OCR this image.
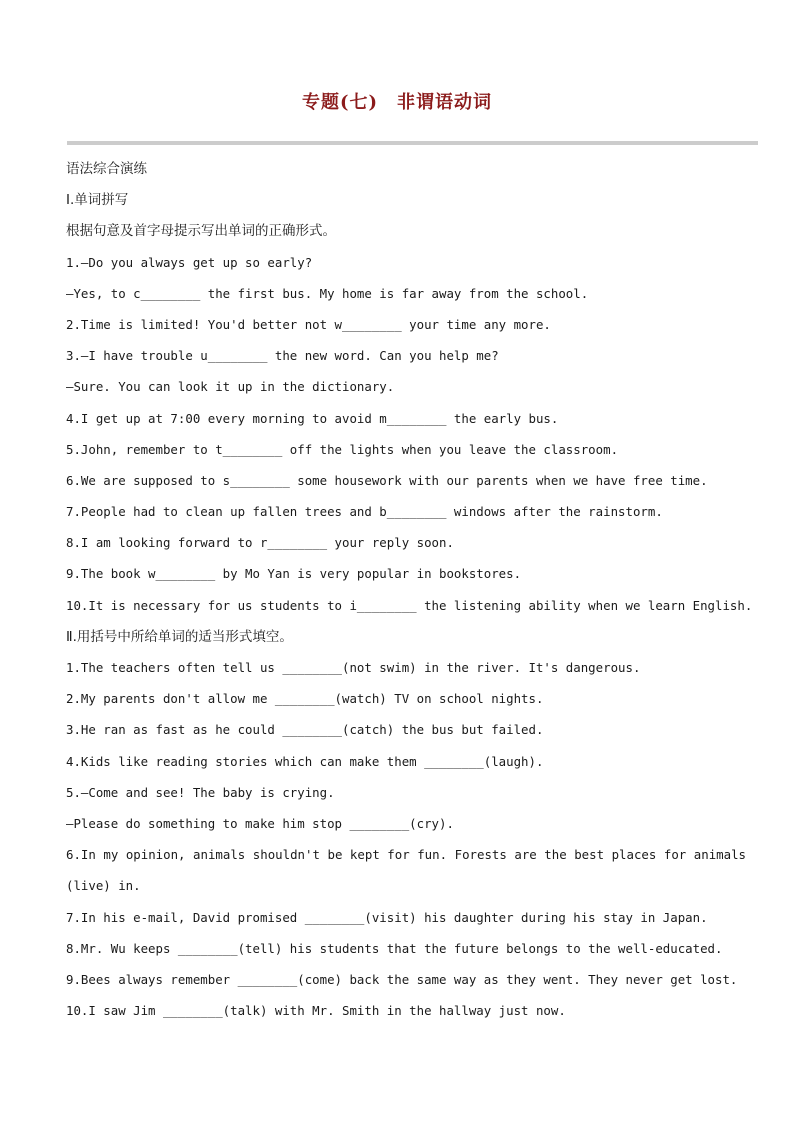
专题(七)　非谓语动词
语法综合演练
Ⅰ.单词拼写
根据句意及首字母提示写出单词的正确形式。
1.—Do you always get up so early?
—Yes, to c________ the first bus. My home is far away from the school.
2.Time is limited! You'd better not w________ your time any more.
3.—I have trouble u________ the new word. Can you help me?
—Sure. You can look it up in the dictionary.
4.I get up at 7:00 every morning to avoid m________ the early bus.
5.John, remember to t________ off the lights when you leave the classroom.
6.We are supposed to s________ some housework with our parents when we have free time.
7.People had to clean up fallen trees and b________ windows after the rainstorm.
8.I am looking forward to r________ your reply soon.
9.The book w________ by Mo Yan is very popular in bookstores.
10.It is necessary for us students to i________ the listening ability when we learn English.
Ⅱ.用括号中所给单词的适当形式填空。
1.The teachers often tell us ________(not swim) in the river. It's dangerous.
2.My parents don't allow me ________(watch) TV on school nights.
3.He ran as fast as he could ________(catch) the bus but failed.
4.Kids like reading stories which can make them ________(laugh).
5.—Come and see! The baby is crying.
—Please do something to make him stop ________(cry).
6.In my opinion, animals shouldn't be kept for fun. Forests are the best places for animals
(live) in.
7.In his e-mail, David promised ________(visit) his daughter during his stay in Japan.
8.Mr. Wu keeps ________(tell) his students that the future belongs to the well-educated.
9.Bees always remember ________(come) back the same way as they went. They never get lost.
10.I saw Jim ________(talk) with Mr. Smith in the hallway just now.
